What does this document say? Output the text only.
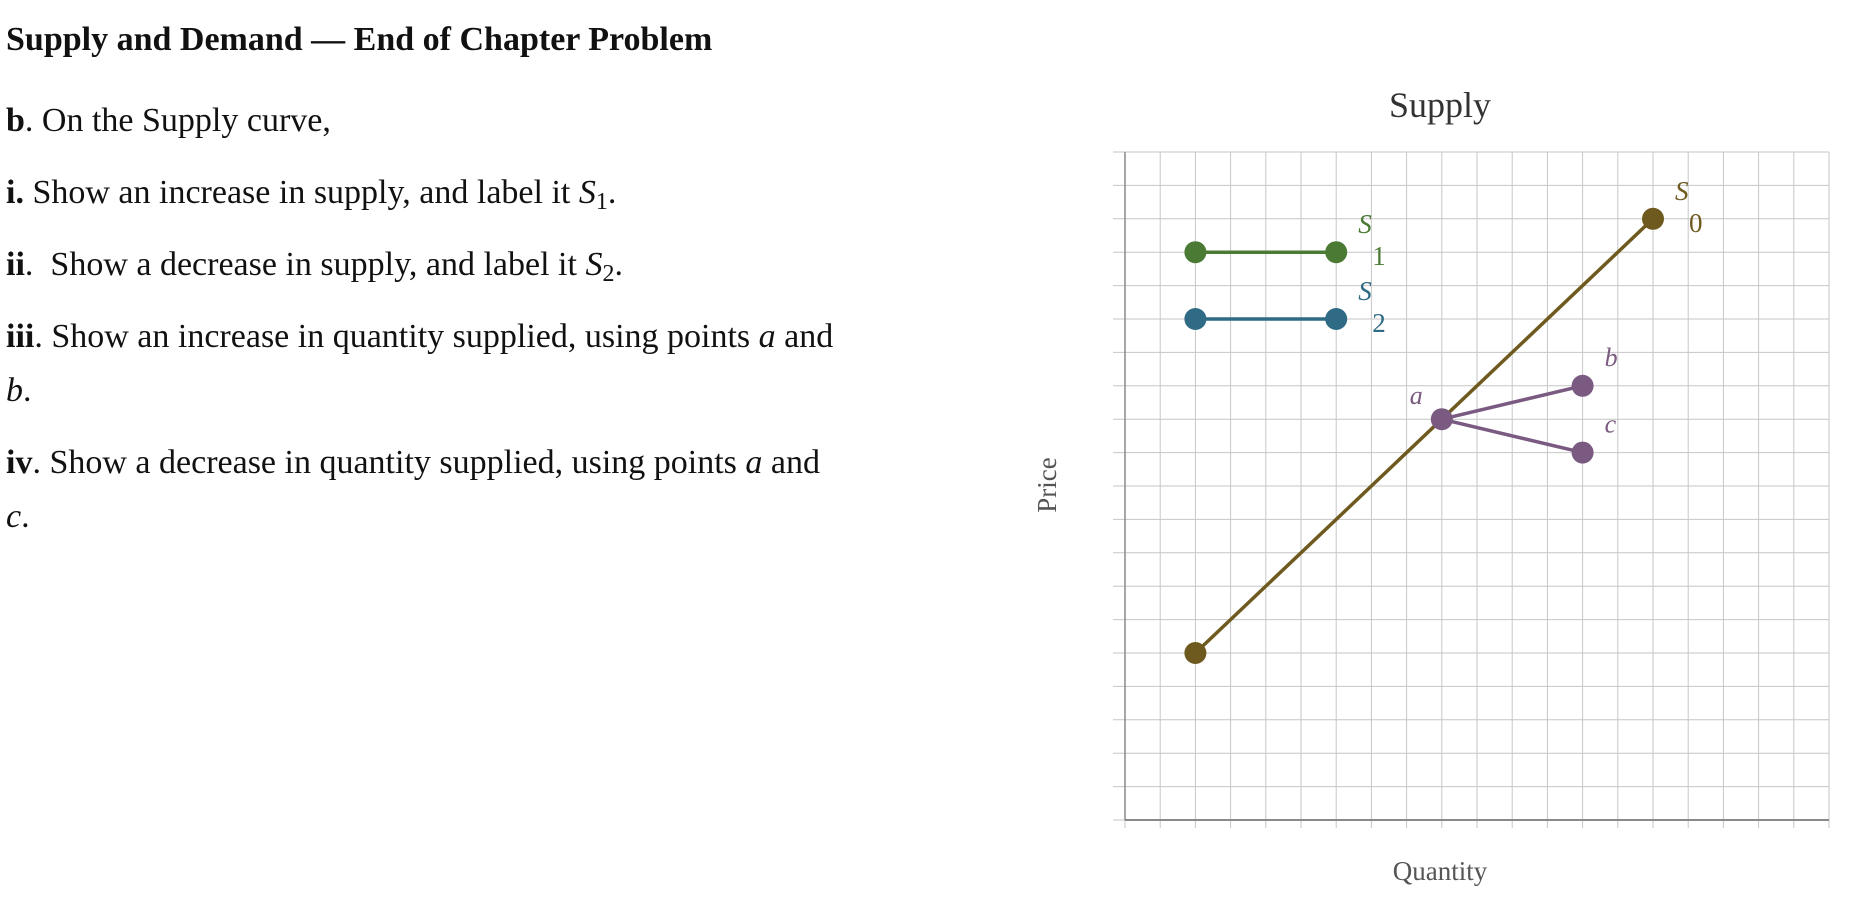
Supply and Demand — End of Chapter Problem
b. On the Supply curve,
i. Show an increase in supply, and label it $S_1$.
ii.  Show a decrease in supply, and label it $S_2$.
iii. Show an increase in quantity supplied, using points a and
b.
iv. Show a decrease in quantity supplied, using points a and
c.
Supply
S
0
S
1
S
2
a
b
c
Price
Quantity
